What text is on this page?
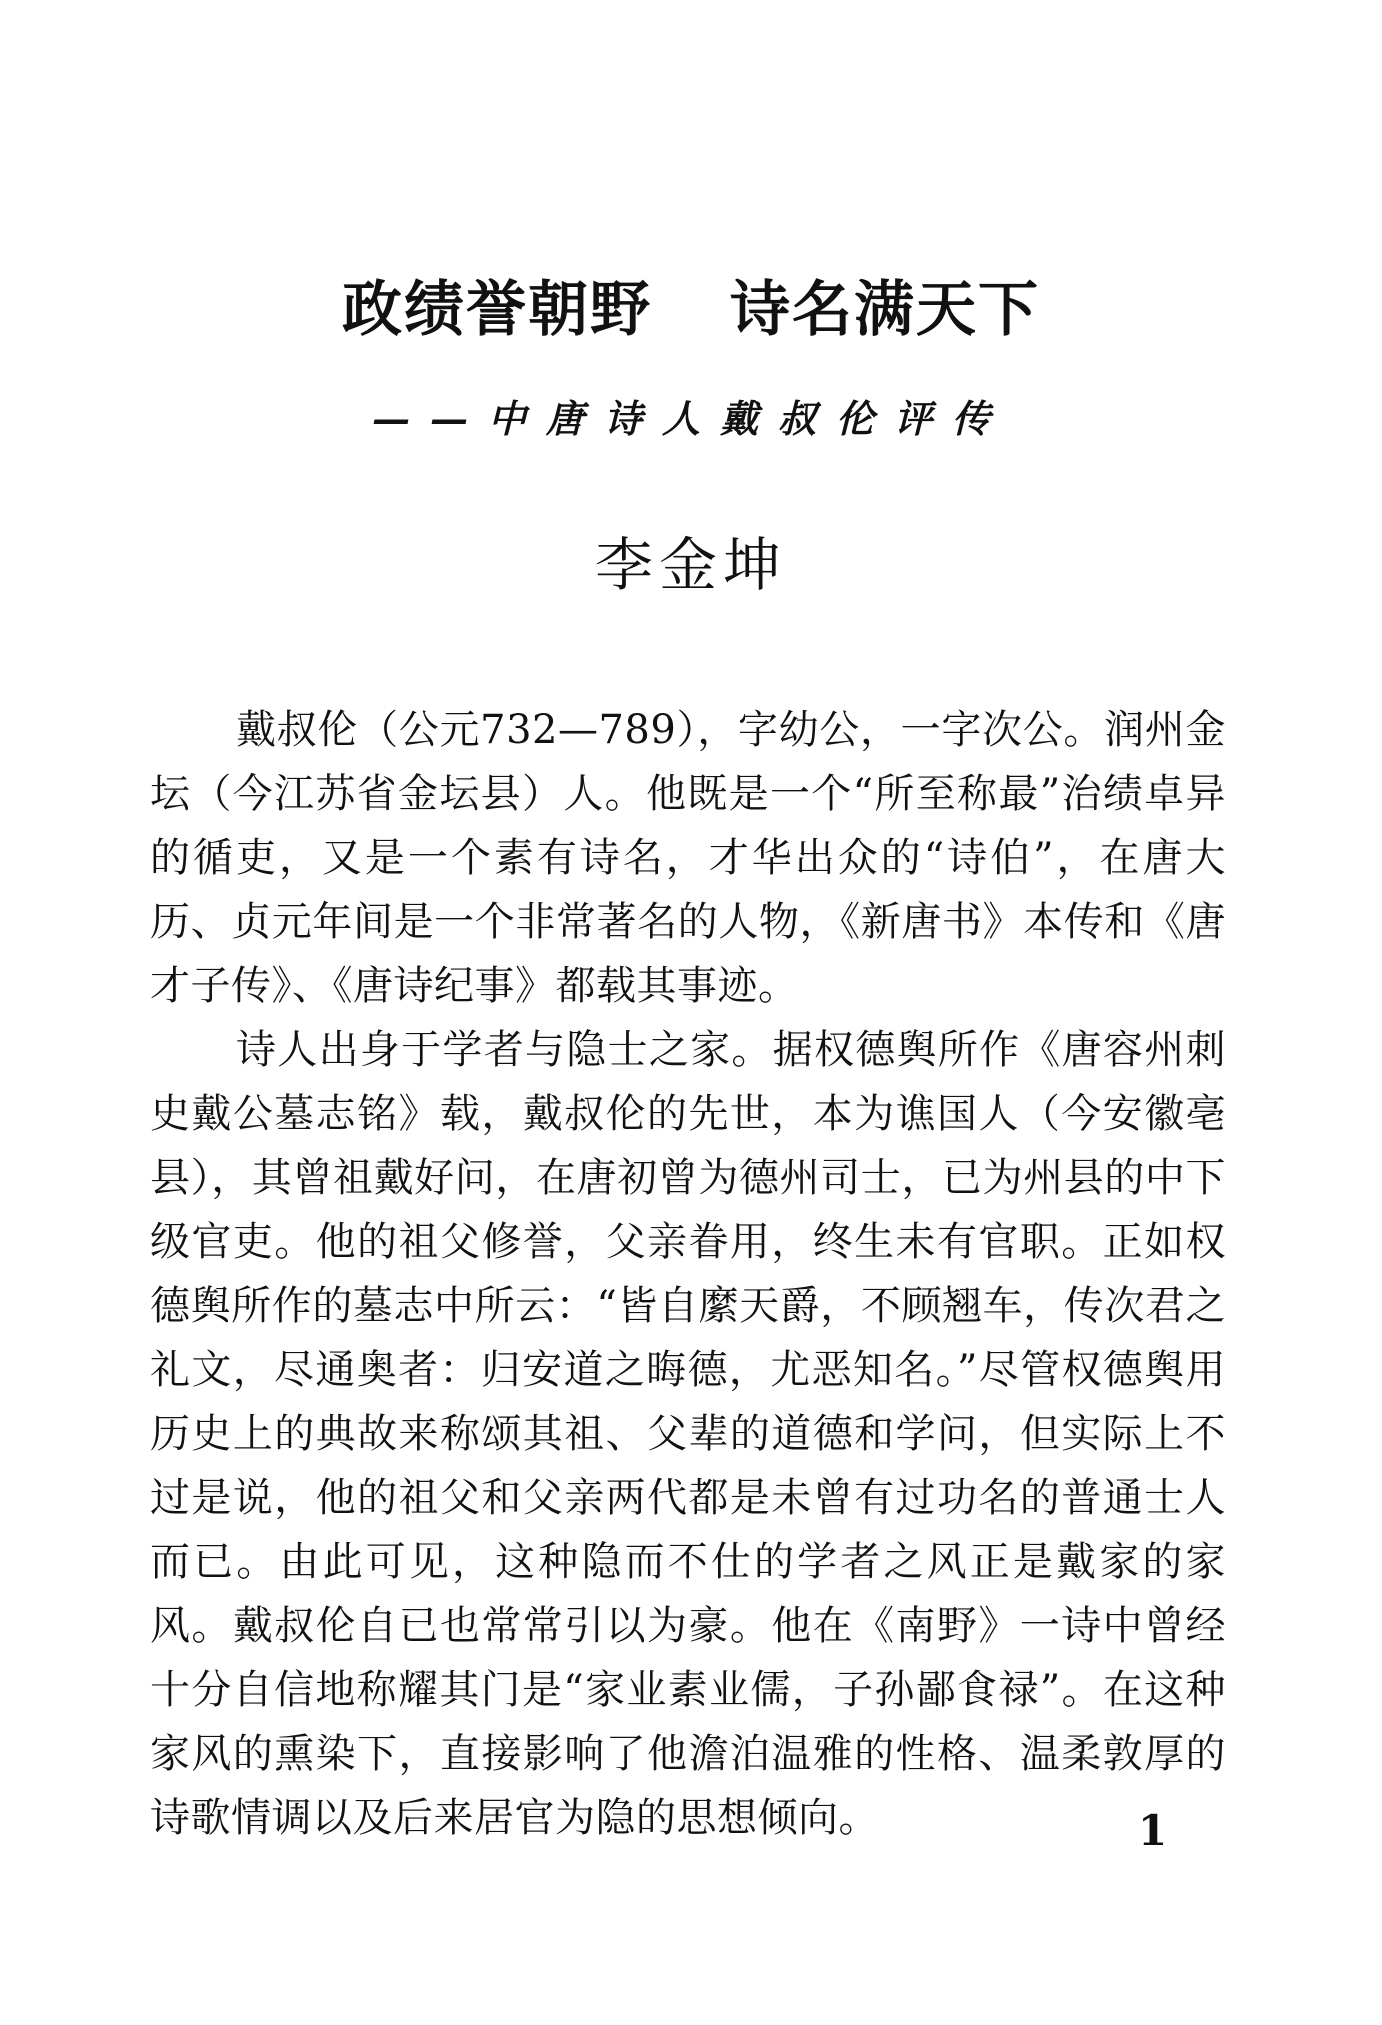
政绩誉朝野 诗名满天下
——中唐诗人戴叔伦评传
李金坤

戴叔伦（公元732—789），字幼公，一字次公。润州金坛（今江苏省金坛县）人。他既是一个“所至称最”治绩卓异的循吏，又是一个素有诗名，才华出众的“诗伯”，在唐大历、贞元年间是一个非常著名的人物，《新唐书》本传和《唐才子传》、《唐诗纪事》都载其事迹。

诗人出身于学者与隐士之家。据权德舆所作《唐容州刺史戴公墓志铭》载，戴叔伦的先世，本为谯国人（今安徽亳县），其曾祖戴好问，在唐初曾为德州司士，已为州县的中下级官吏。他的祖父修誉，父亲眷用，终生未有官职。正如权德舆所作的墓志中所云：“皆自縻天爵，不顾翘车，传次君之礼文，尽通奥者：归安道之晦德，尤恶知名。”尽管权德舆用历史上的典故来称颂其祖、父辈的道德和学问，但实际上不过是说，他的祖父和父亲两代都是未曾有过功名的普通士人而已。由此可见，这种隐而不仕的学者之风正是戴家的家风。戴叔伦自已也常常引以为豪。他在《南野》一诗中曾经十分自信地称耀其门是“家业素业儒，子孙鄙食禄”。在这种家风的熏染下，直接影响了他澹泊温雅的性格、温柔敦厚的诗歌情调以及后来居官为隐的思想倾向。	1
